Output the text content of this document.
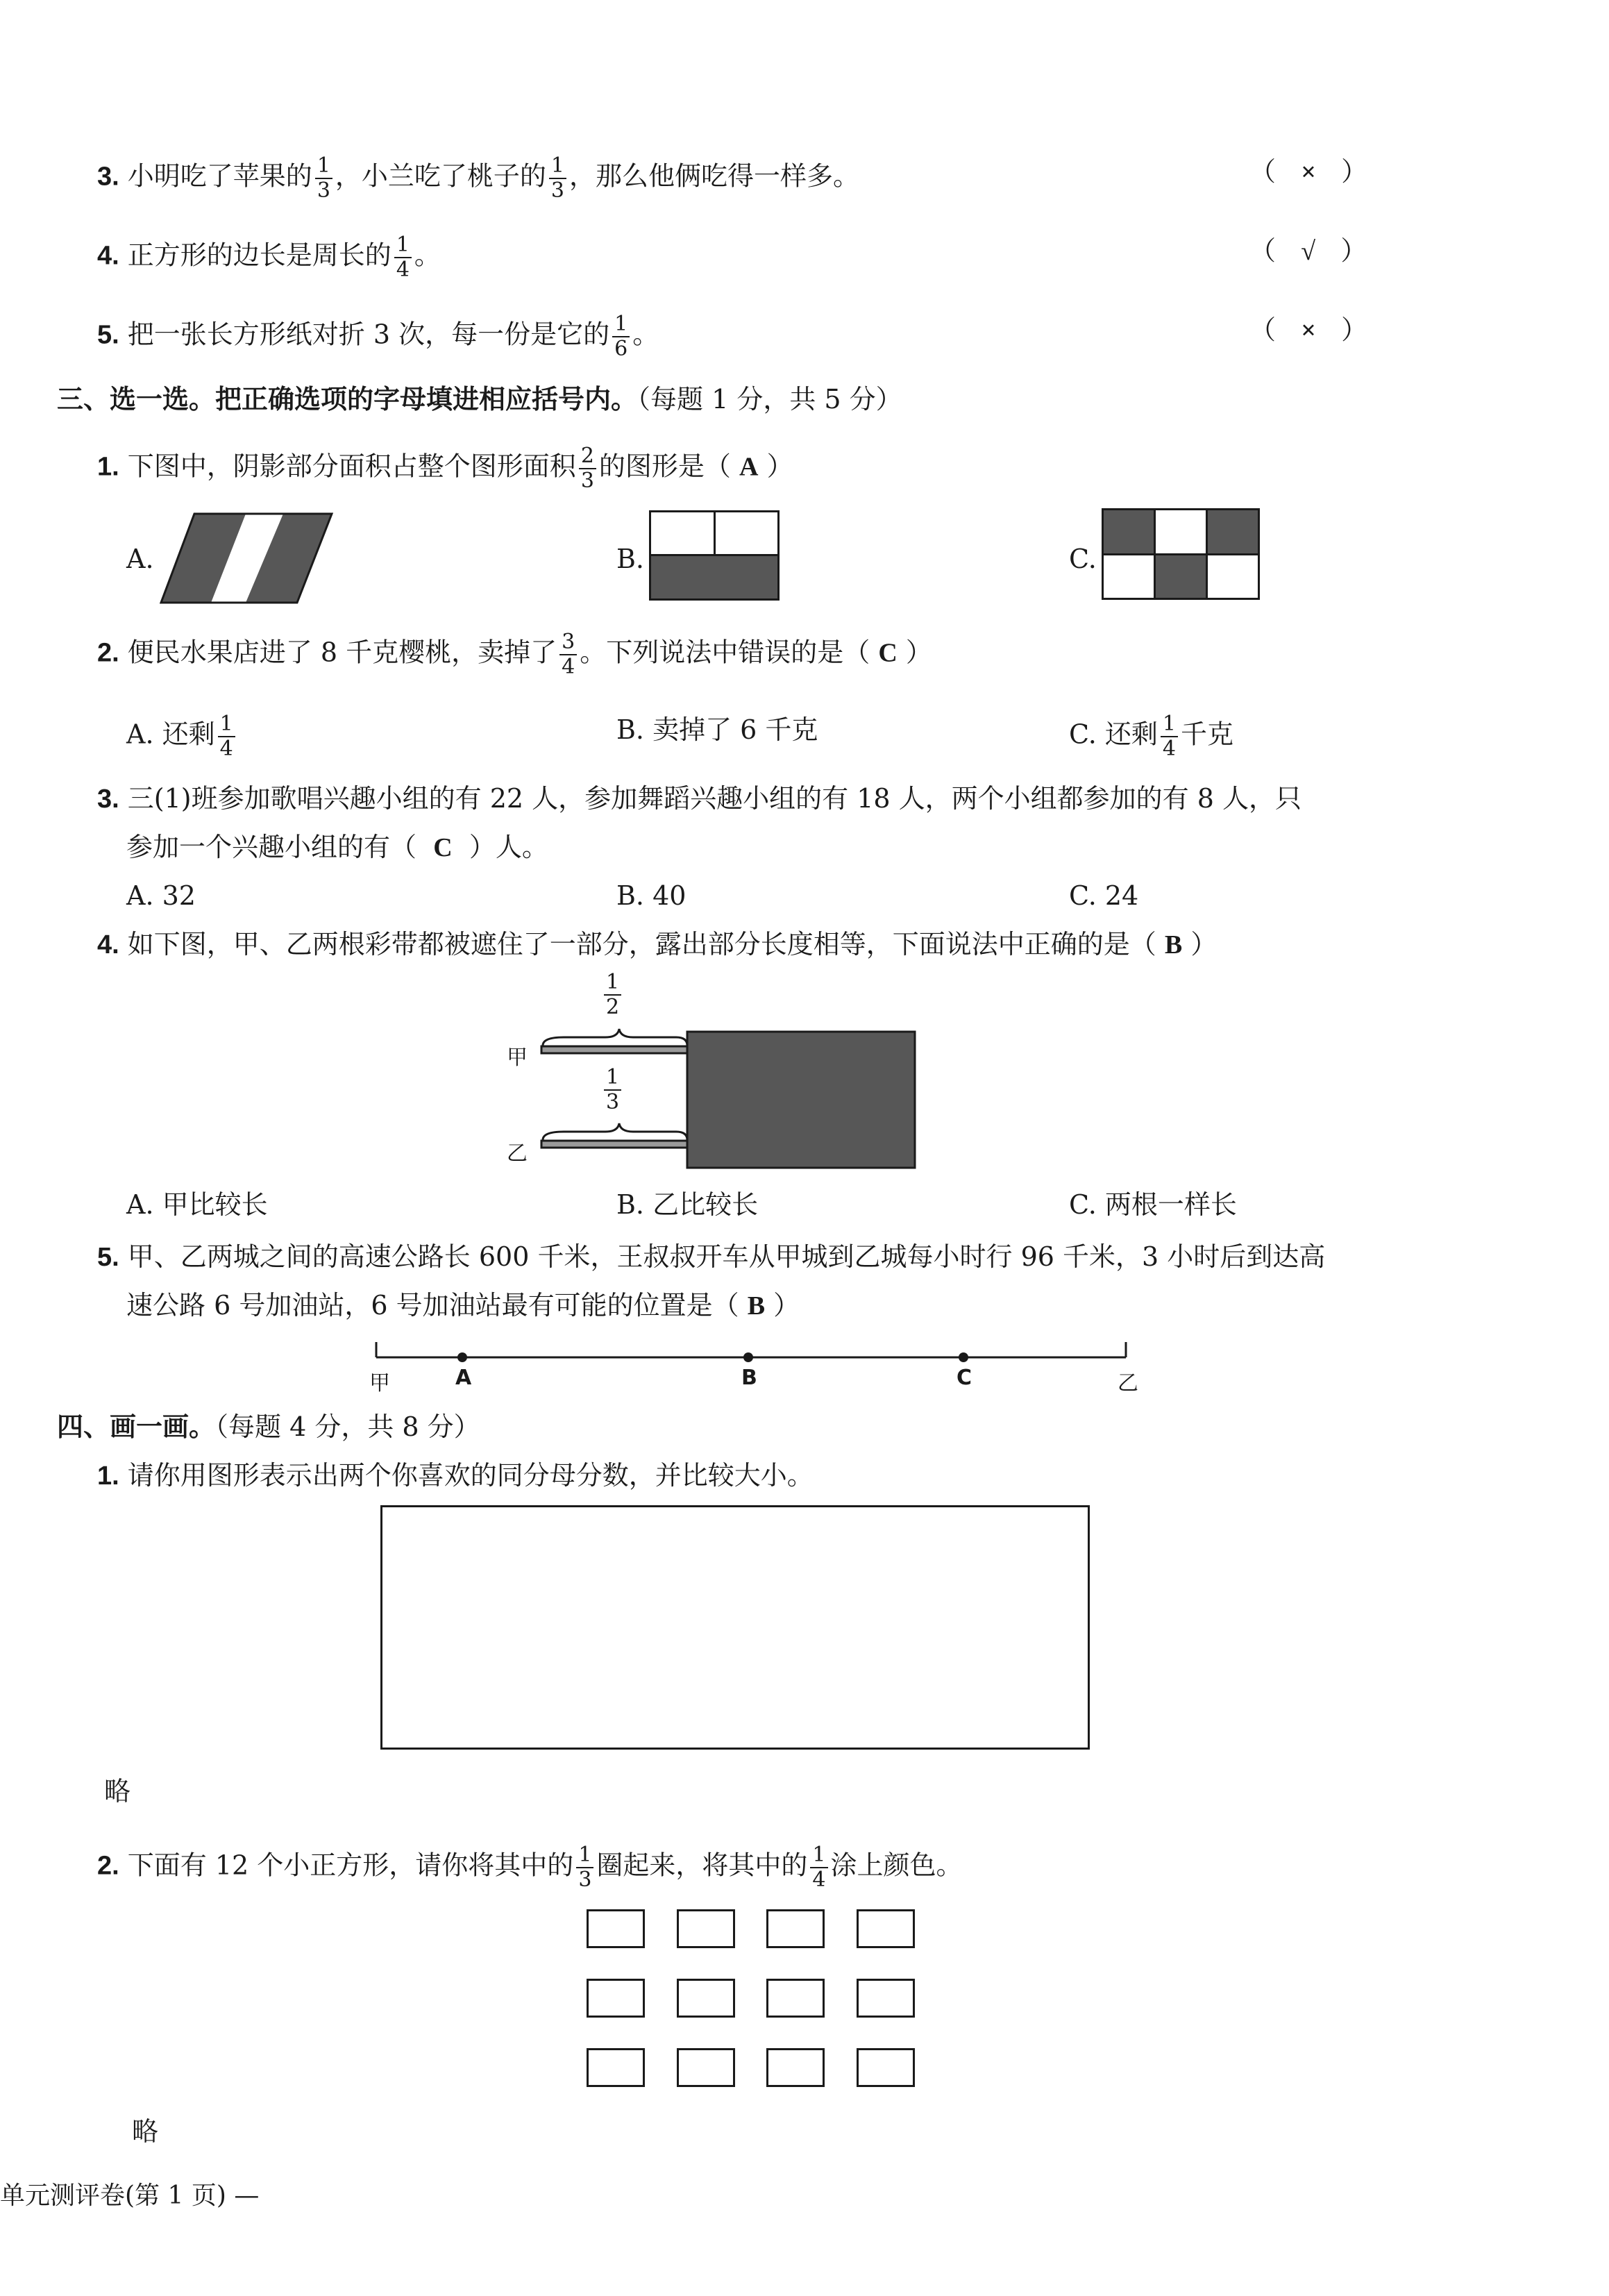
3. 小明吃了苹果的 $\frac{1}{3}$ ，小兰吃了桃子的 $\frac{1}{3}$ ，那么他俩吃得一样多。	（   ×   ）
4. 正方形的边长是周长的 $\frac{1}{4}$ 。	（   √   ）
5. 把一张长方形纸对折 3 次，每一份是它的 $\frac{1}{6}$ 。	（   ×   ）
三、选一选。把正确选项的字母填进相应括号内。（每题 1 分，共 5 分）
1. 下图中，阴影部分面积占整个图形面积 $\frac{2}{3}$ 的图形是（ A ）
A.	B.	C.
2. 便民水果店进了 8 千克樱桃，卖掉了 $\frac{3}{4}$ 。下列说法中错误的是（ C ）
A. 还剩 $\frac{1}{4}$	B. 卖掉了 6 千克	C. 还剩 $\frac{1}{4}$ 千克
3. 三(1)班参加歌唱兴趣小组的有 22 人，参加舞蹈兴趣小组的有 18 人，两个小组都参加的有 8 人，只
参加一个兴趣小组的有（ C ）人。
A. 32	B. 40	C. 24
4. 如下图，甲、乙两根彩带都被遮住了一部分，露出部分长度相等，下面说法中正确的是（ B ）
甲
乙
$\frac{1}{2}$
$\frac{1}{3}$
A. 甲比较长	B. 乙比较长	C. 两根一样长
5. 甲、乙两城之间的高速公路长 600 千米，王叔叔开车从甲城到乙城每小时行 96 千米，3 小时后到达高
速公路 6 号加油站，6 号加油站最有可能的位置是（ B ）
甲	A	B	C	乙
四、画一画。（每题 4 分，共 8 分）
1. 请你用图形表示出两个你喜欢的同分母分数，并比较大小。
略
2. 下面有 12 个小正方形，请你将其中的 $\frac{1}{3}$ 圈起来，将其中的 $\frac{1}{4}$ 涂上颜色。
略
单元测评卷(第 1 页) —
